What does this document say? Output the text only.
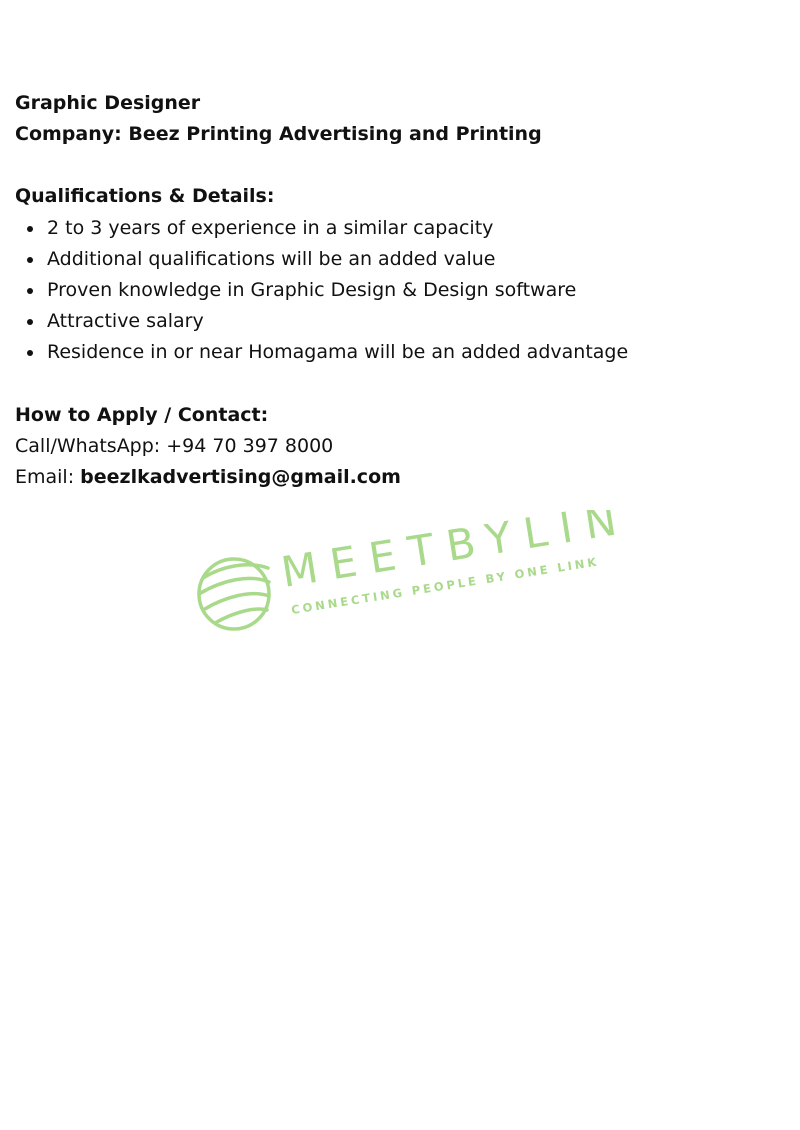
Graphic Designer

Company: Beez Printing Advertising and Printing

Qualifications & Details:

2 to 3 years of experience in a similar capacity
Additional qualifications will be an added value
Proven knowledge in Graphic Design & Design software
Attractive salary
Residence in or near Homagama will be an added advantage

How to Apply / Contact:

Call/WhatsApp: +94 70 397 8000

Email: beezlkadvertising@gmail.com

MEETBYLINK
CONNECTING PEOPLE BY ONE LINK
